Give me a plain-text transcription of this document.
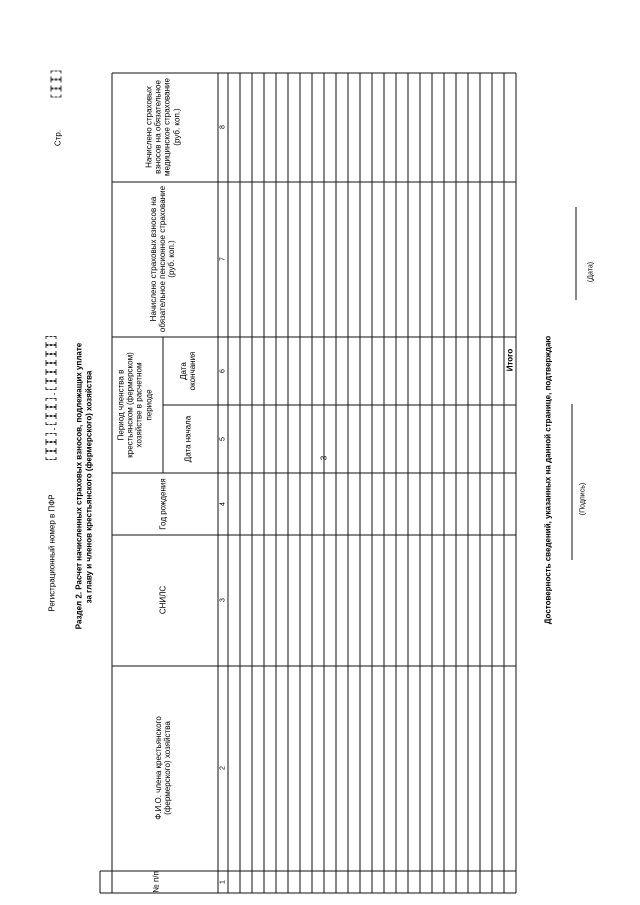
3
Регистрационный номер в ПФР
-  -
Стр.
Раздел 2. Расчет начисленных страховых взносов, подлежащих уплате за главу и членов крестьянского (фермерского) хозяйства
№ п/п
Ф.И.О. члена крестьянского (фермерского) хозяйства
СНИЛС
Год рождения
Период членства в крестьянском (фермерском) хозяйстве в расчетном периоде
Дата начала
Дата окончания
Начислено страховых взносов на обязательное пенсионное страхование (руб. коп.)
Начислено страховых взносов на обязательное медицинское страхование (руб. коп.)
1
2
3
4
5
6
7
8
Итого	Достоверность сведений, указанных на данной странице, подтверждаю	(Подпись)
(Дата)
